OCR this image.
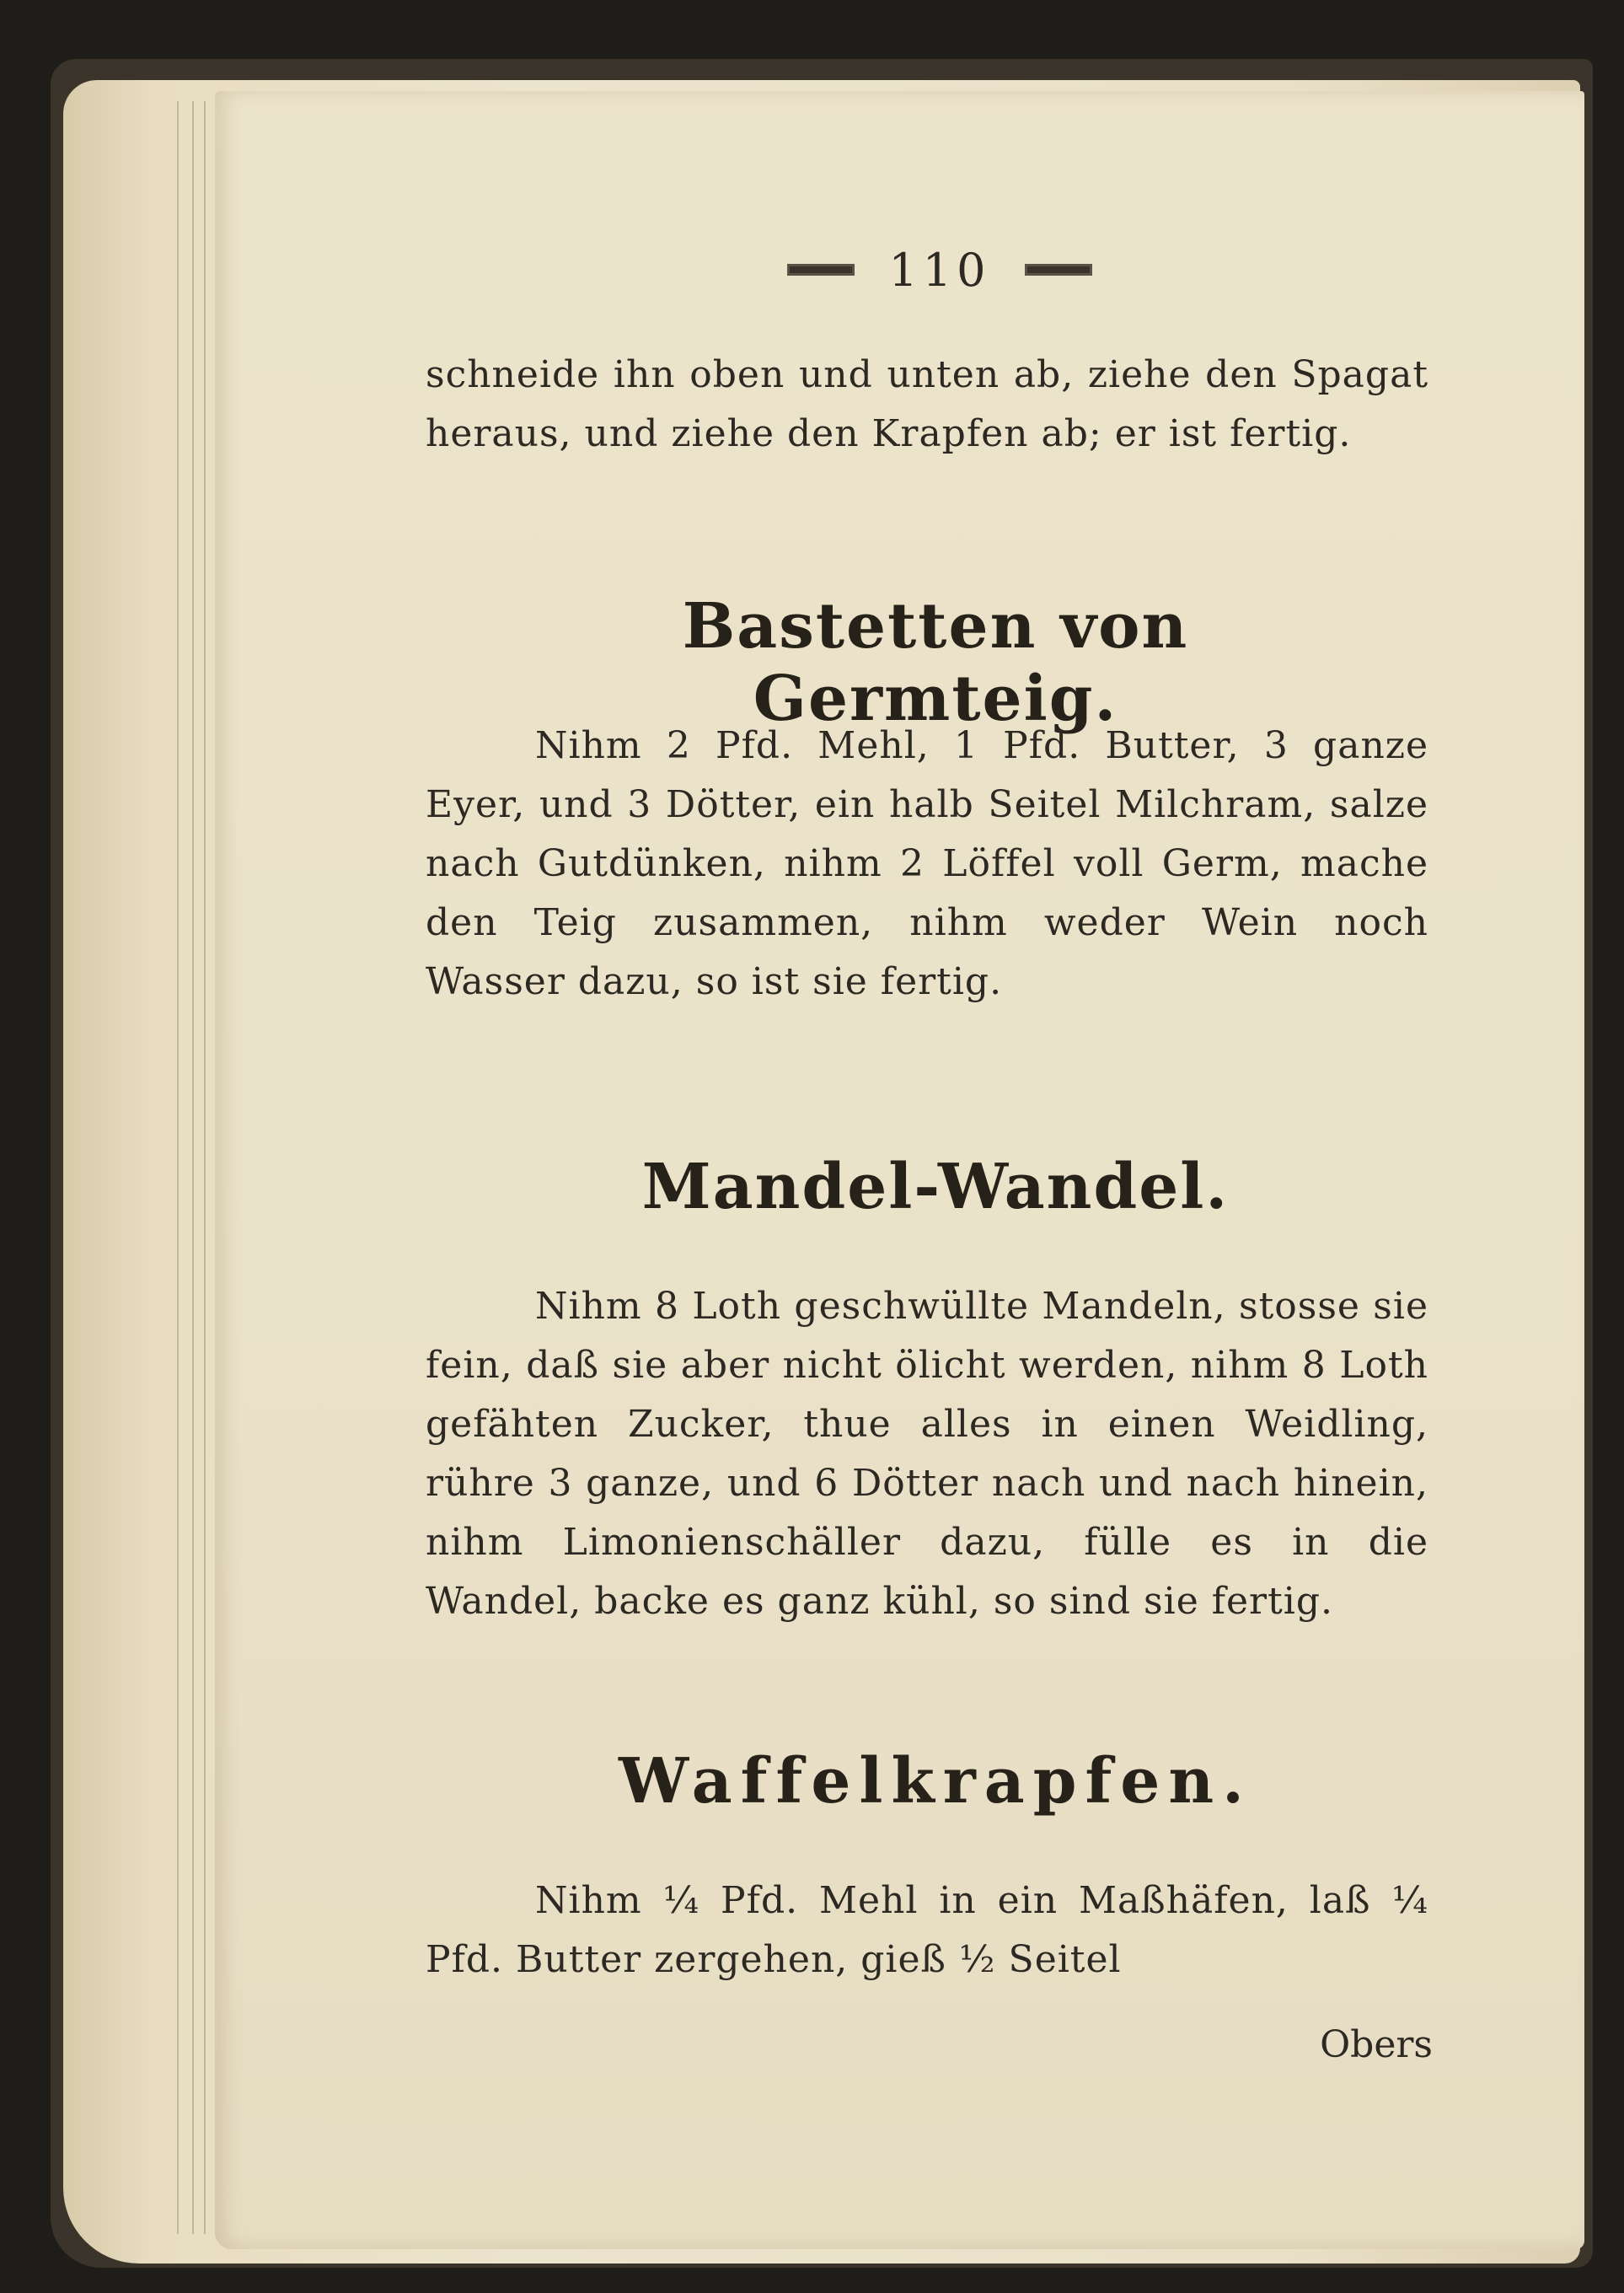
110
schneide ihn oben und unten ab, ziehe den Spagat heraus, und ziehe den Krapfen ab; er ist fertig.
Bastetten von Germteig.
Nihm 2 Pfd. Mehl, 1 Pfd. Butter, 3 ganze Eyer, und 3 Dötter, ein halb Seitel Milchram, salze nach Gutdünken, nihm 2 Löffel voll Germ, mache den Teig zusammen, nihm weder Wein noch Wasser dazu, so ist sie fertig.
Mandel-Wandel.
Nihm 8 Loth geschwüllte Mandeln, stosse sie fein, daß sie aber nicht ölicht werden, nihm 8 Loth gefähten Zucker, thue alles in einen Weidling, rühre 3 ganze, und 6 Dötter nach und nach hinein, nihm Limonienschäller dazu, fülle es in die Wandel, backe es ganz kühl, so sind sie fertig.
Waffelkrapfen.
Nihm ¼ Pfd. Mehl in ein Maßhäfen, laß ¼ Pfd. Butter zergehen, gieß ½ Seitel
Obers
